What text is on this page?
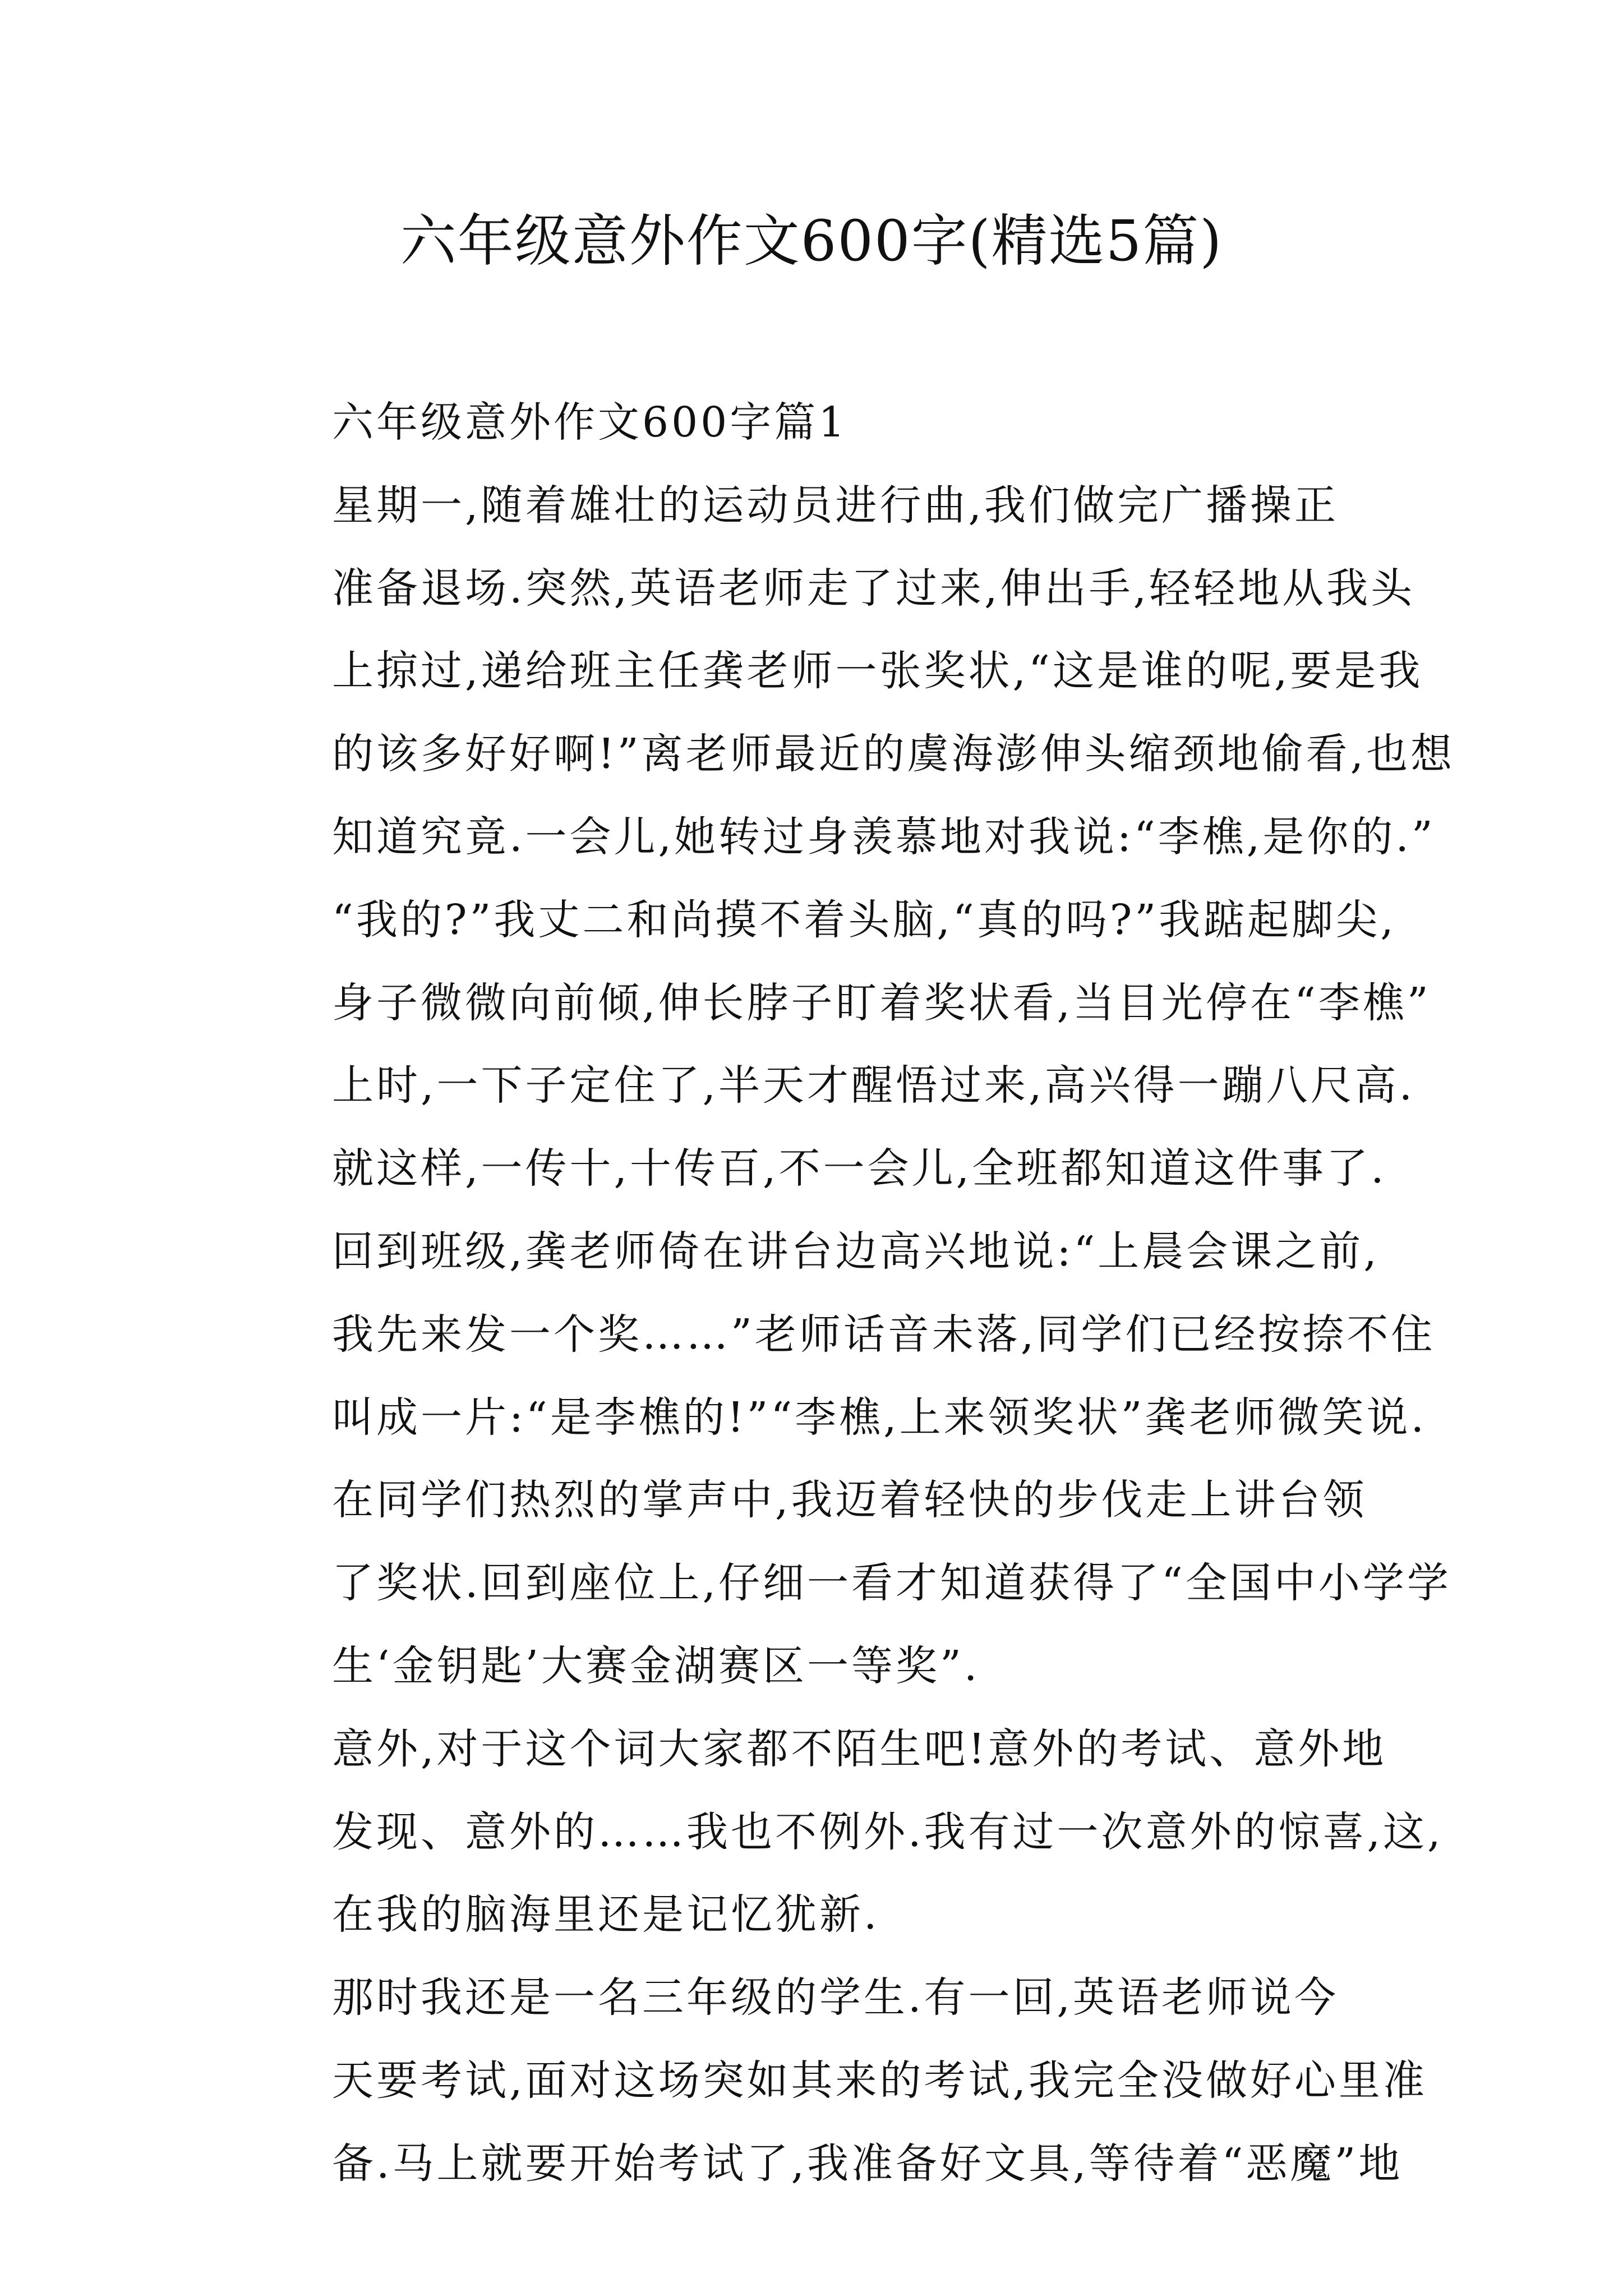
六年级意外作文600字(精选5篇)

六年级意外作文600字篇1

星期一,随着雄壮的运动员进行曲,我们做完广播操正
准备退场.突然,英语老师走了过来,伸出手,轻轻地从我头
上掠过,递给班主任龚老师一张奖状,“这是谁的呢,要是我
的该多好好啊!”离老师最近的虞海澎伸头缩颈地偷看,也想
知道究竟.一会儿,她转过身羡慕地对我说:“李樵,是你的.”
“我的?”我丈二和尚摸不着头脑,“真的吗?”我踮起脚尖,
身子微微向前倾,伸长脖子盯着奖状看,当目光停在“李樵”
上时,一下子定住了,半天才醒悟过来,高兴得一蹦八尺高.
就这样,一传十,十传百,不一会儿,全班都知道这件事了.

回到班级,龚老师倚在讲台边高兴地说:“上晨会课之前,
我先来发一个奖……”老师话音未落,同学们已经按捺不住
叫成一片:“是李樵的!”“李樵,上来领奖状”龚老师微笑说.

在同学们热烈的掌声中,我迈着轻快的步伐走上讲台领
了奖状.回到座位上,仔细一看才知道获得了“全国中小学学
生‘金钥匙’大赛金湖赛区一等奖”.

意外,对于这个词大家都不陌生吧!意外的考试、意外地
发现、意外的……我也不例外.我有过一次意外的惊喜,这,
在我的脑海里还是记忆犹新.

那时我还是一名三年级的学生.有一回,英语老师说今
天要考试,面对这场突如其来的考试,我完全没做好心里准
备.马上就要开始考试了,我准备好文具,等待着“恶魔”地
